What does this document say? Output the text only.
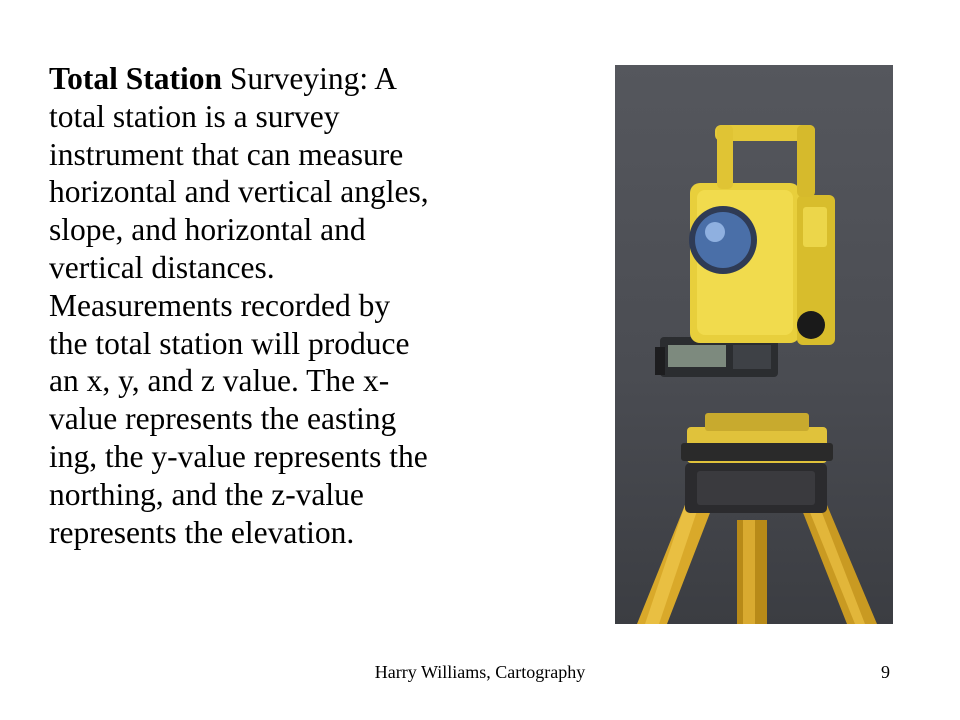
Total Station Surveying: A
total station is a survey
instrument that can measure
horizontal and vertical angles,
slope, and horizontal and
vertical distances.
Measurements recorded by
the total station will produce
an x, y, and z value. The x-
value represents the easting
ing, the y-value represents the
northing, and the z-value
represents the elevation.
Harry Williams, Cartography	9
